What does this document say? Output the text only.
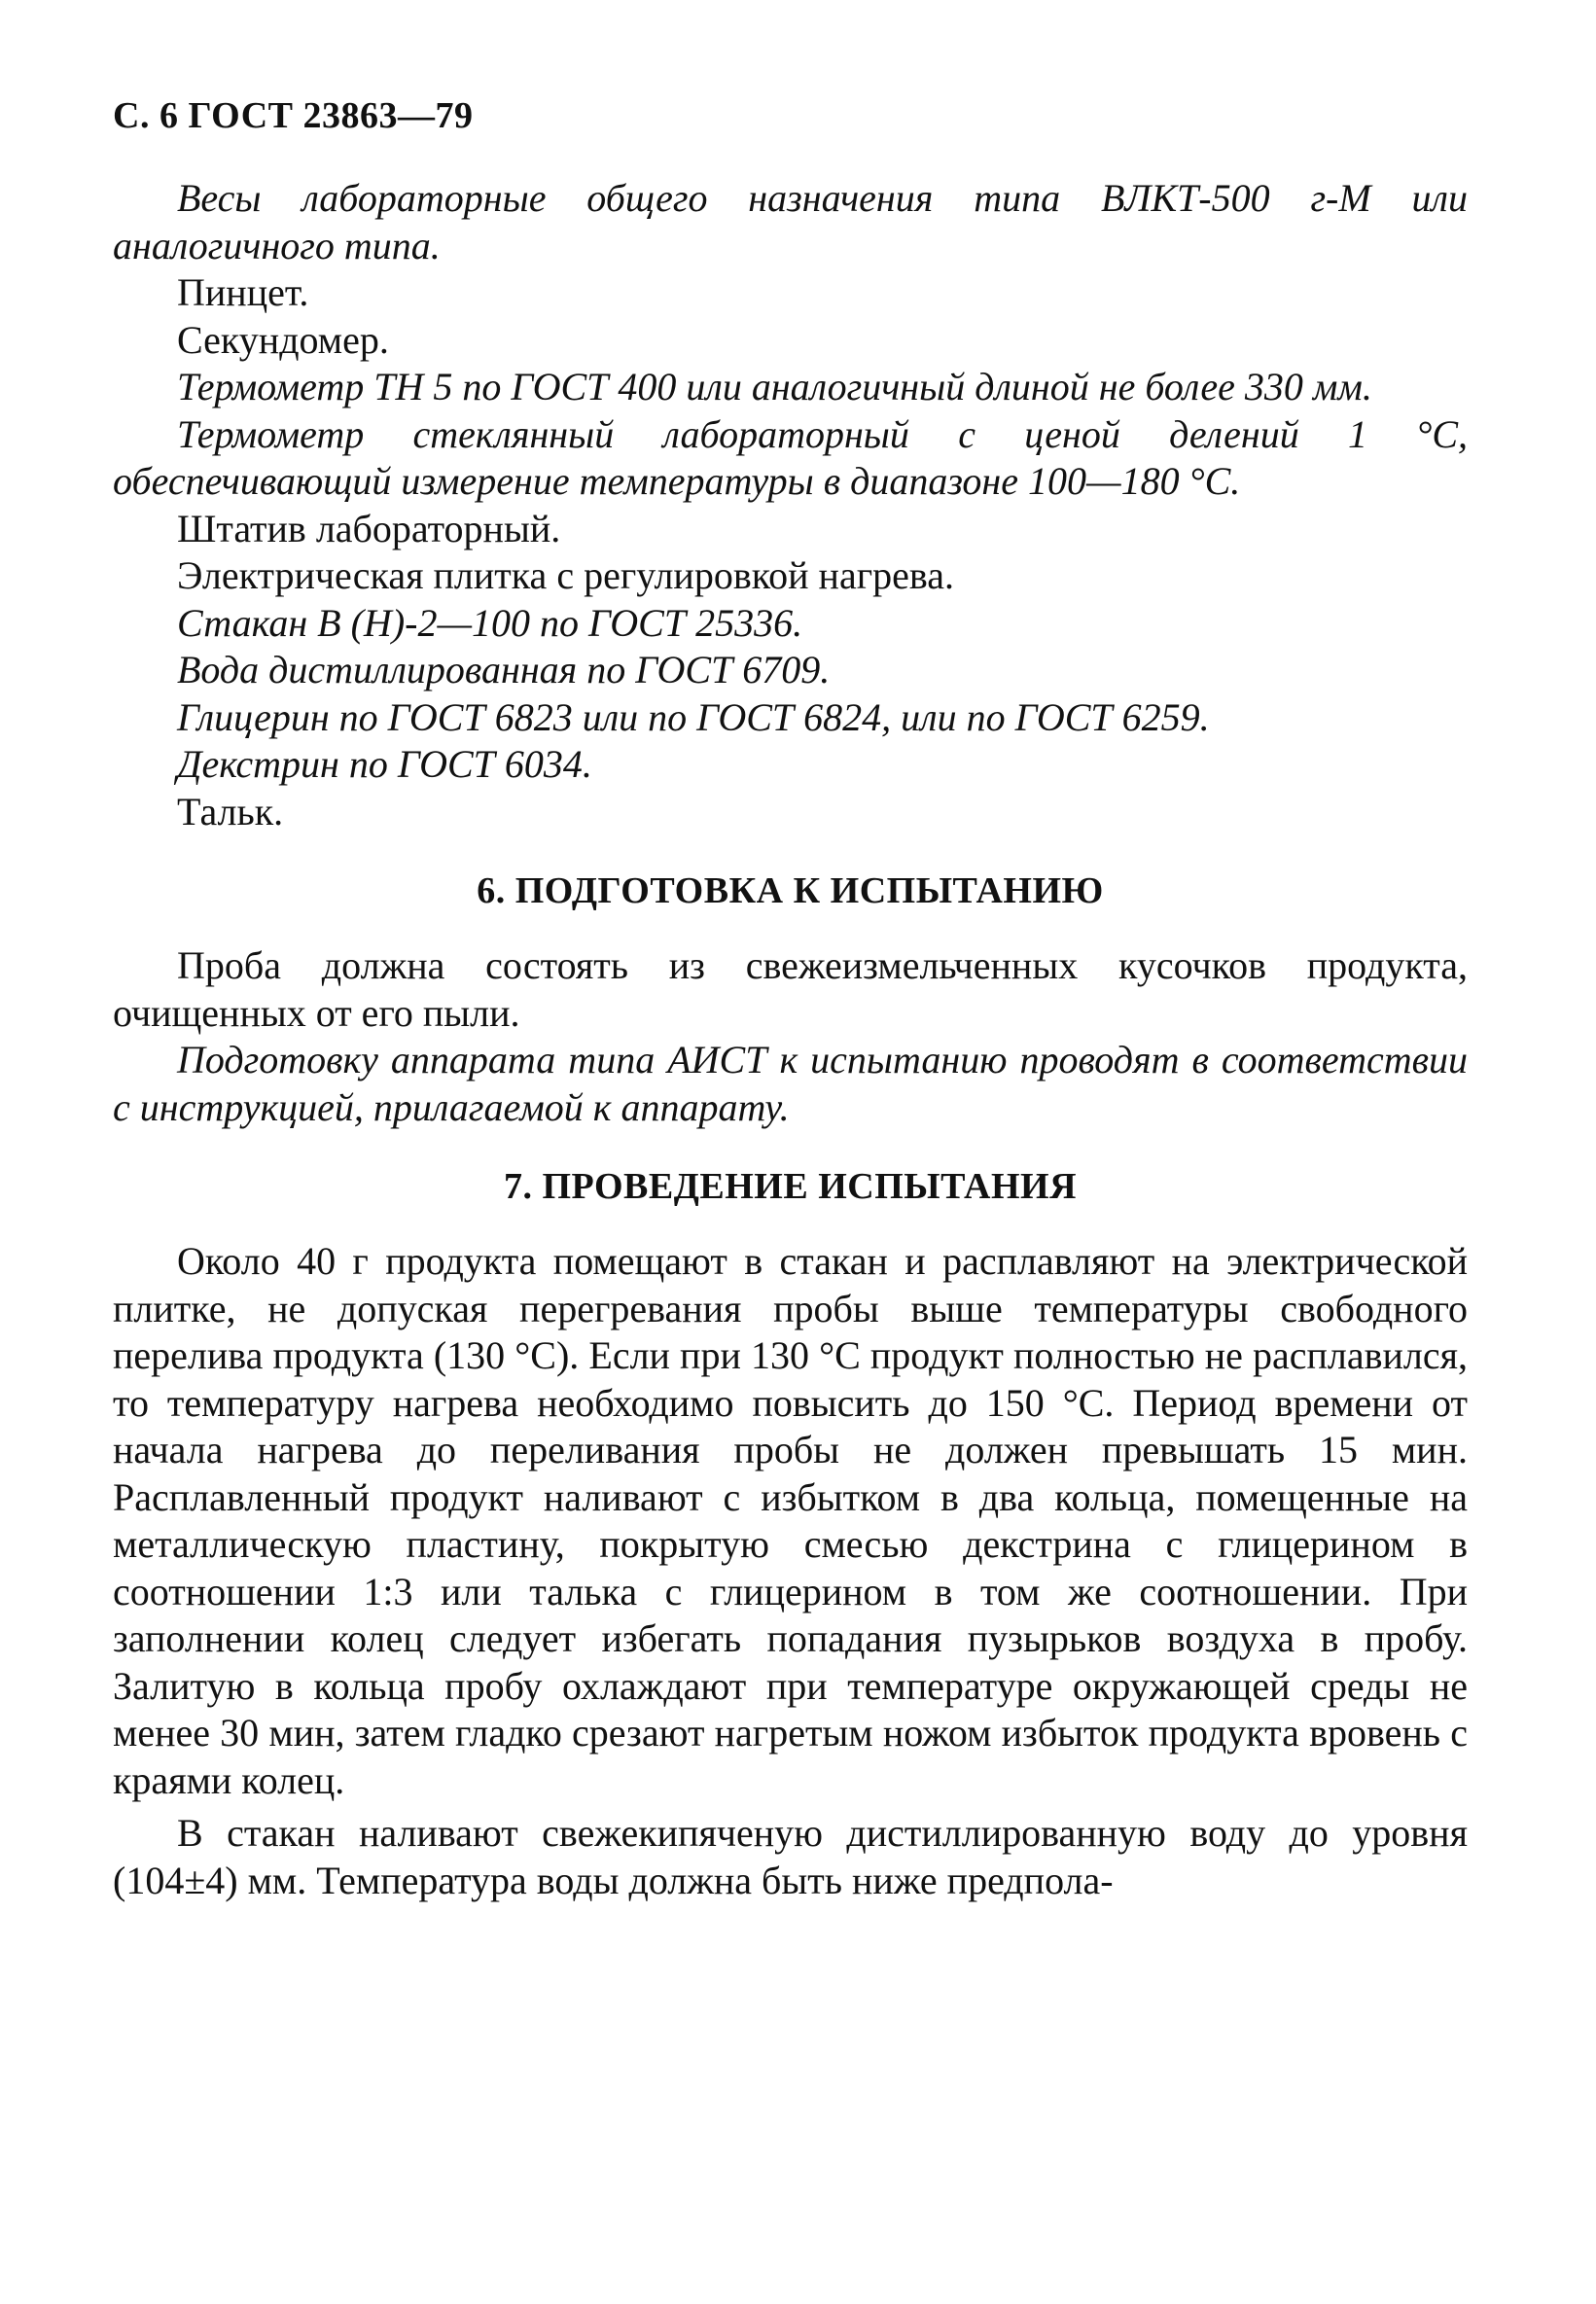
С. 6 ГОСТ 23863—79

Весы лабораторные общего назначения типа ВЛКТ-500 г-М или аналогичного типа.

Пинцет.

Секундомер.

Термометр ТН 5 по ГОСТ 400 или аналогичный длиной не более 330 мм.

Термометр стеклянный лабораторный с ценой делений 1 °С, обеспечивающий измерение температуры в диапазоне 100—180 °С.

Штатив лабораторный.

Электрическая плитка с регулировкой нагрева.

Стакан В (Н)-2—100 по ГОСТ 25336.

Вода дистиллированная по ГОСТ 6709.

Глицерин по ГОСТ 6823 или по ГОСТ 6824, или по ГОСТ 6259.

Декстрин по ГОСТ 6034.

Тальк.

6. ПОДГОТОВКА К ИСПЫТАНИЮ

Проба должна состоять из свежеизмельченных кусочков продукта, очищенных от его пыли.

Подготовку аппарата типа АИСТ к испытанию проводят в соответствии с инструкцией, прилагаемой к аппарату.

7. ПРОВЕДЕНИЕ ИСПЫТАНИЯ

Около 40 г продукта помещают в стакан и расплавляют на электрической плитке, не допуская перегревания пробы выше температуры свободного перелива продукта (130 °С). Если при 130 °С продукт полностью не расплавился, то температуру нагрева необходимо повысить до 150 °С. Период времени от начала нагрева до переливания пробы не должен превышать 15 мин. Расплавленный продукт наливают с избытком в два кольца, помещенные на металлическую пластину, покрытую смесью декстрина с глицерином в соотношении 1:3 или талька с глицерином в том же соотношении. При заполнении колец следует избегать попадания пузырьков воздуха в пробу. Залитую в кольца пробу охлаждают при температуре окружающей среды не менее 30 мин, затем гладко срезают нагретым ножом избыток продукта вровень с краями колец.

В стакан наливают свежекипяченую дистиллированную воду до уровня (104±4) мм. Температура воды должна быть ниже предпола-
